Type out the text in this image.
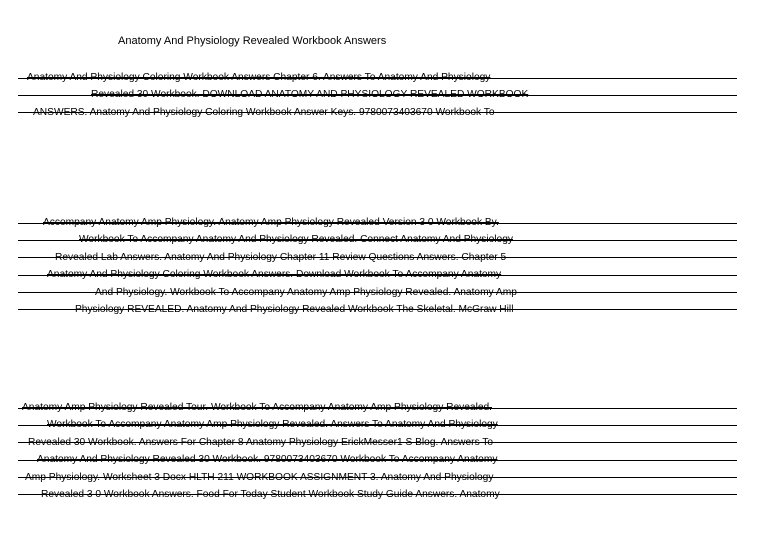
Anatomy And Physiology Revealed Workbook Answers
Anatomy And Physiology Coloring Workbook Answers Chapter 6. Answers To Anatomy And Physiology
Revealed 30 Workbook. DOWNLOAD ANATOMY AND PHYSIOLOGY REVEALED WORKBOOK
ANSWERS. Anatomy And Physiology Coloring Workbook Answer Keys. 9780073403670 Workbook To
Accompany Anatomy Amp Physiology. Anatomy Amp Physiology Revealed Version 3 0 Workbook By.
Workbook To Accompany Anatomy And Physiology Revealed. Connect Anatomy And Physiology
Revealed Lab Answers. Anatomy And Physiology Chapter 11 Review Questions Answers. Chapter 5
Anatomy And Physiology Coloring Workbook Answers. Download Workbook To Accompany Anatomy
And Physiology. Workbook To Accompany Anatomy Amp Physiology Revealed. Anatomy Amp
Physiology REVEALED. Anatomy And Physiology Revealed Workbook The Skeletal. McGraw Hill
Anatomy Amp Physiology Revealed Tour. Workbook To Accompany Anatomy Amp Physiology Revealed.
Workbook To Accompany Anatomy Amp Physiology Revealed. Answers To Anatomy And Physiology
Revealed 30 Workbook. Answers For Chapter 8 Anatomy Physiology ErickMesser1 S Blog. Answers To
Anatomy And Physiology Revealed 30 Workbook. 9780073403670 Workbook To Accompany Anatomy
Amp Physiology. Worksheet 3 Docx HLTH 211 WORKBOOK ASSIGNMENT 3. Anatomy And Physiology
Revealed 3 0 Workbook Answers. Food For Today Student Workbook Study Guide Answers. Anatomy
